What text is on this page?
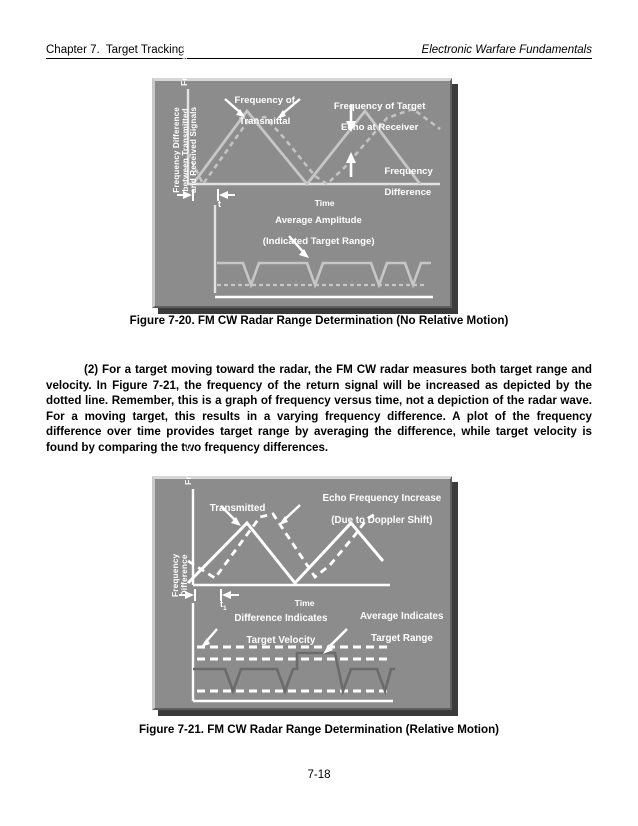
Chapter 7.  Target Tracking	Electronic Warfare Fundamentals
Frequency

Frequency of

Transmittal

Frequency of Target

Echo at Receiver

Frequency

Difference

Time

t

Frequency Difference
between Transmitted
and Received Signals

Average Amplitude

(Indicated Target Range)

Figure 7-20. FM CW Radar Range Determination (No Relative Motion)
(2) For a target moving toward the radar, the FM CW radar measures both target range and velocity. In Figure 7-21, the frequency of the return signal will be increased as depicted by the dotted line. Remember, this is a graph of frequency versus time, not a depiction of the radar wave. For a moving target, this results in a varying frequency difference. A plot of the frequency difference over time provides target range by averaging the difference, while target velocity is found by comparing the two frequency differences.
Frequency

Transmitted

Echo Frequency Increase

(Due to Doppler Shift)

Time

$t_1$

Frequency
Difference

Difference Indicates

Target Velocity

Average Indicates

Target Range

Figure 7-21. FM CW Radar Range Determination (Relative Motion)
7-18
